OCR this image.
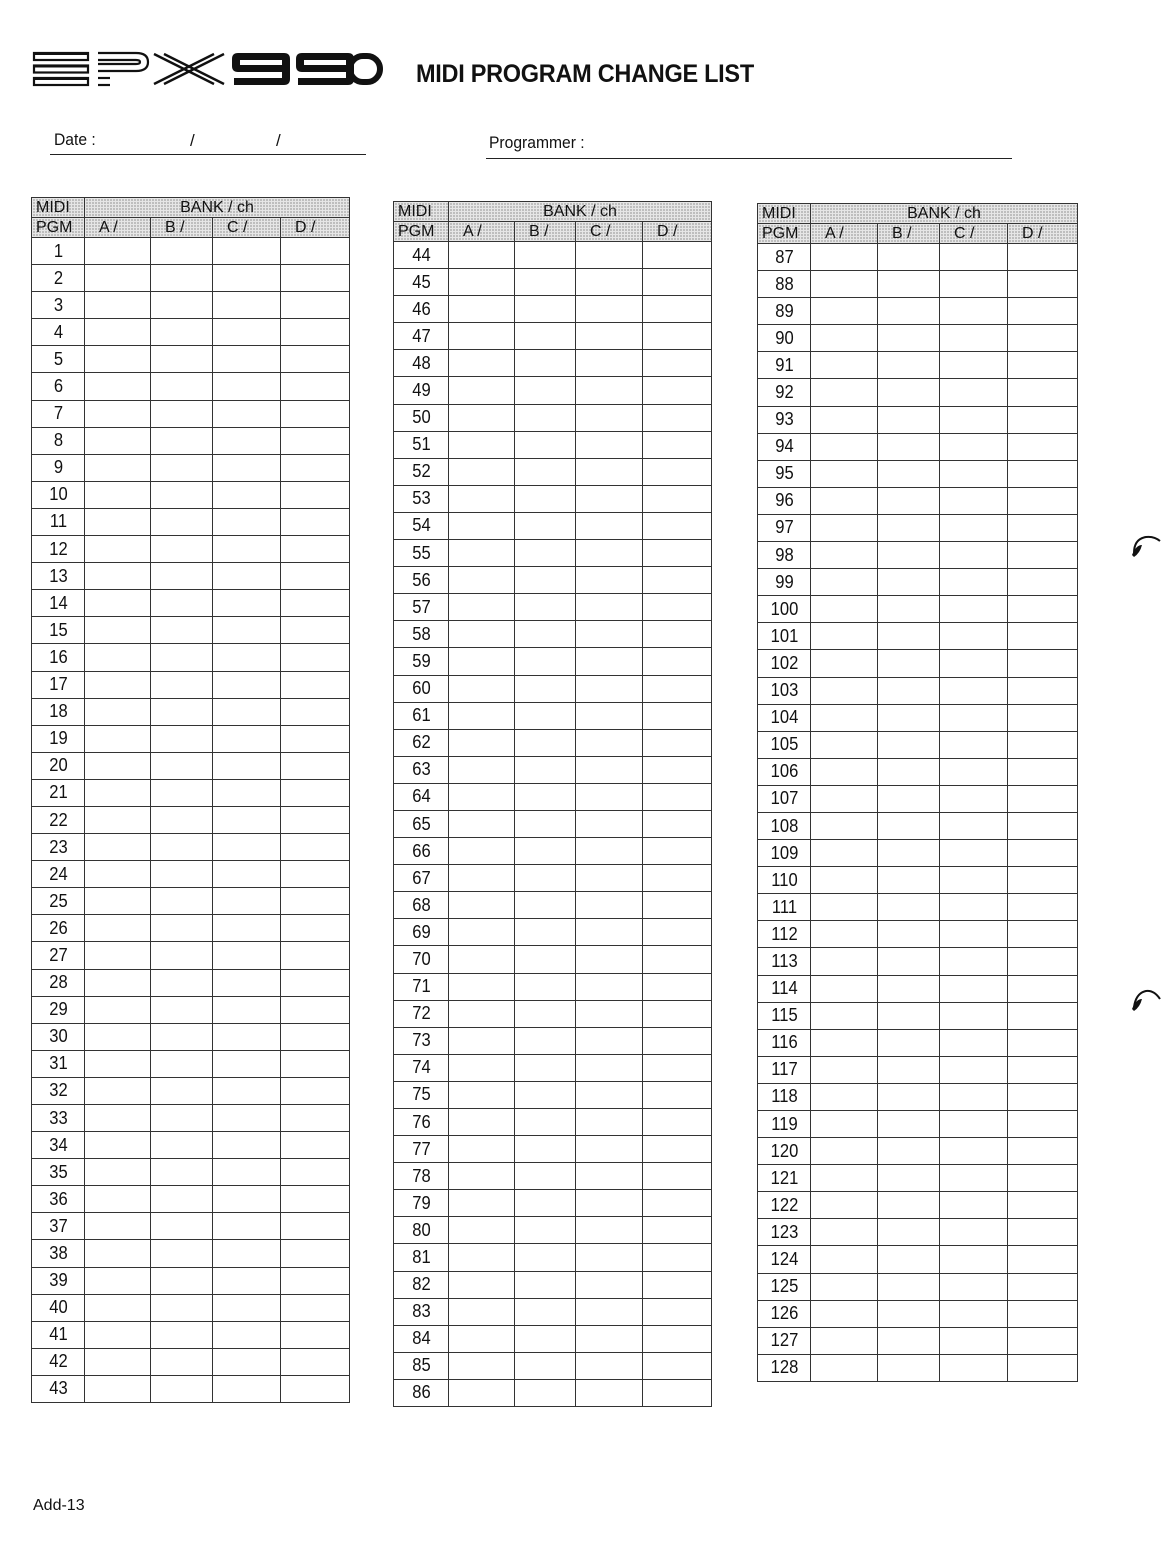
MIDI PROGRAM CHANGE LIST
Date :	/	/	Programmer :
MIDI	BANK / ch			
PGM	A /	B /	C /	D /
1				
2				
3				
4				
5				
6				
7				
8				
9				
10				
11				
12				
13				
14				
15				
16				
17				
18				
19				
20				
21				
22				
23				
24				
25				
26				
27				
28				
29				
30				
31				
32				
33				
34				
35				
36				
37				
38				
39				
40				
41				
42				
43				
MIDI	BANK / ch			
PGM	A /	B /	C /	D /
44				
45				
46				
47				
48				
49				
50				
51				
52				
53				
54				
55				
56				
57				
58				
59				
60				
61				
62				
63				
64				
65				
66				
67				
68				
69				
70				
71				
72				
73				
74				
75				
76				
77				
78				
79				
80				
81				
82				
83				
84				
85				
86				
MIDI	BANK / ch			
PGM	A /	B /	C /	D /
87				
88				
89				
90				
91				
92				
93				
94				
95				
96				
97				
98				
99				
100				
101				
102				
103				
104				
105				
106				
107				
108				
109				
110				
111				
112				
113				
114				
115				
116				
117				
118				
119				
120				
121				
122				
123				
124				
125				
126				
127				
128				
Add-13
